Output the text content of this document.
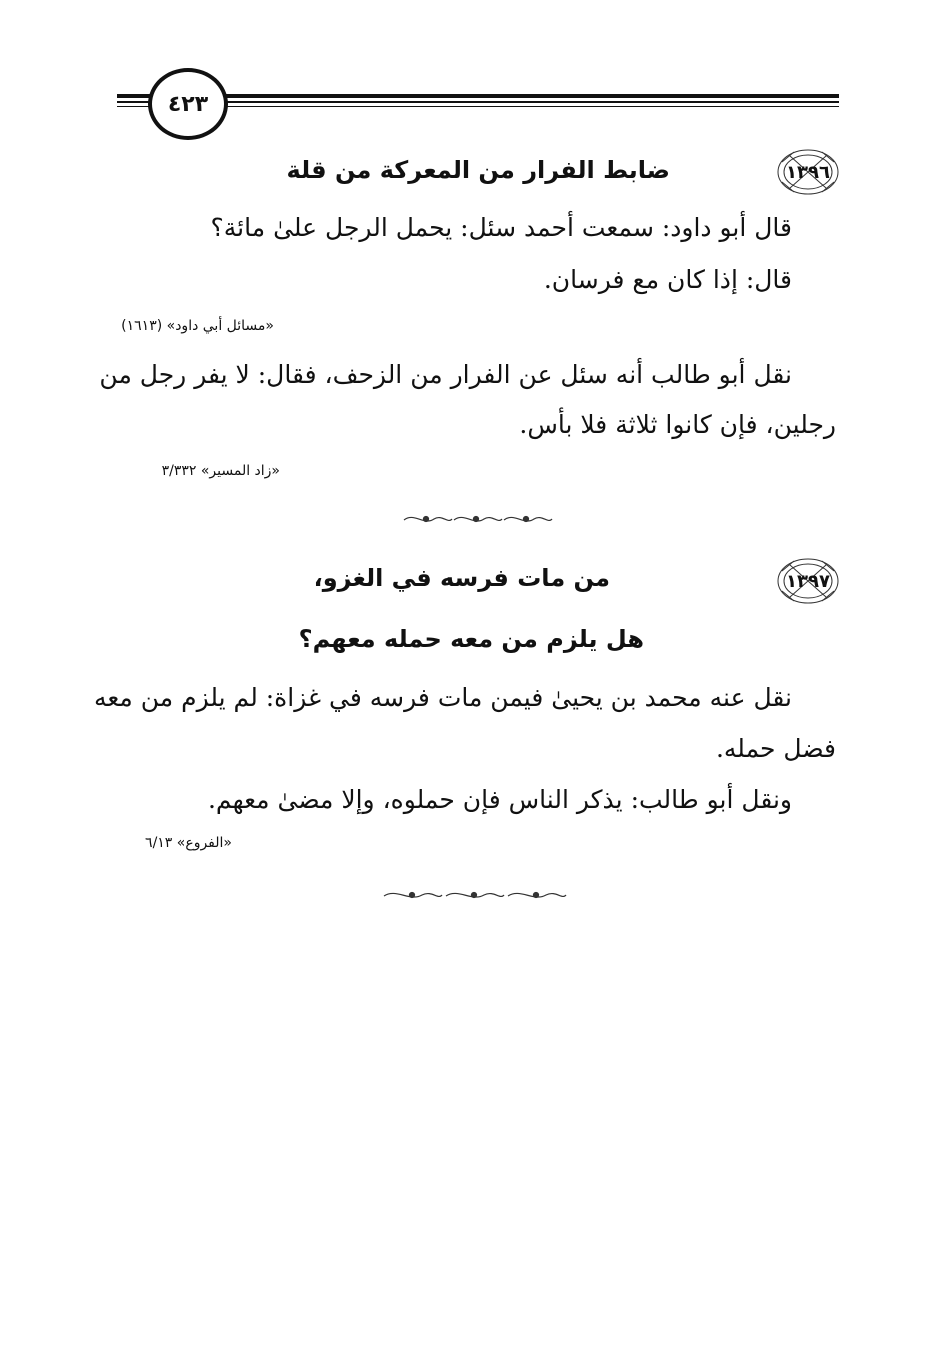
٤٢٣
١٣٩٦
ضابط الفرار من المعركة من قلة
قال أبو داود: سمعت أحمد سئل: يحمل الرجل علىٰ مائة؟
قال: إذا كان مع فرسان.
«مسائل أبي داود» (١٦١٣)
نقل أبو طالب أنه سئل عن الفرار من الزحف، فقال: لا يفر رجل من
رجلين، فإن كانوا ثلاثة فلا بأس.
«زاد المسير» ٣/٣٣٢
١٣٩٧
من مات فرسه في الغزو،
هل يلزم من معه حمله معهم؟
نقل عنه محمد بن يحيىٰ فيمن مات فرسه في غزاة: لم يلزم من معه
فضل حمله.
ونقل أبو طالب: يذكر الناس فإن حملوه، وإلا مضىٰ معهم.
«الفروع» ٦/١٣
